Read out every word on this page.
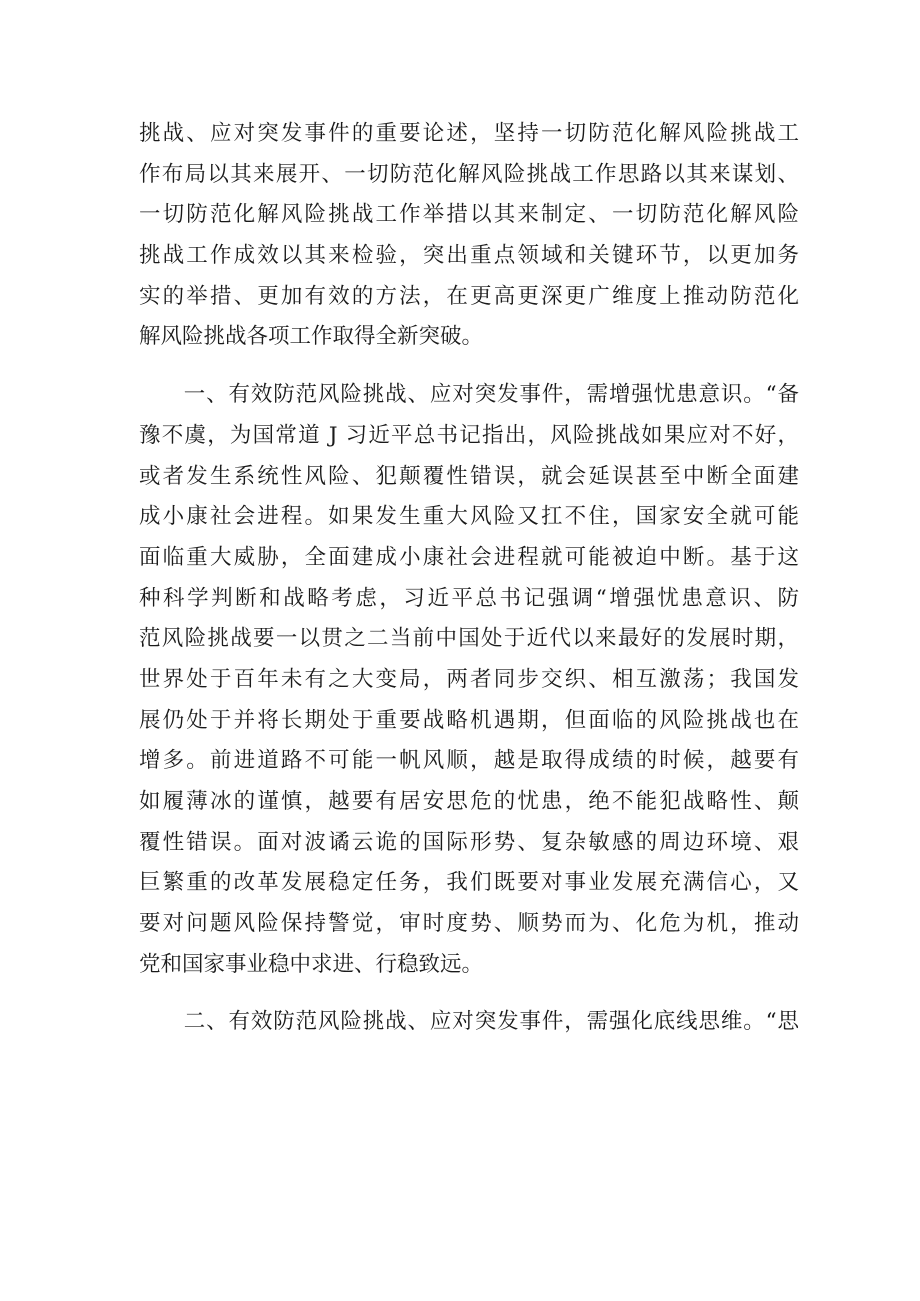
挑战、应对突发事件的重要论述，坚持一切防范化解风险挑战工
作布局以其来展开、一切防范化解风险挑战工作思路以其来谋划、
一切防范化解风险挑战工作举措以其来制定、一切防范化解风险
挑战工作成效以其来检验，突出重点领域和关键环节，以更加务
实的举措、更加有效的方法，在更高更深更广维度上推动防范化
解风险挑战各项工作取得全新突破。
　　一、有效防范风险挑战、应对突发事件，需增强忧患意识。“备
豫不虞，为国常道 J 习近平总书记指出，风险挑战如果应对不好，
或者发生系统性风险、犯颠覆性错误，就会延误甚至中断全面建
成小康社会进程。如果发生重大风险又扛不住，国家安全就可能
面临重大威胁，全面建成小康社会进程就可能被迫中断。基于这
种科学判断和战略考虑，习近平总书记强调“增强忧患意识、防
范风险挑战要一以贯之二当前中国处于近代以来最好的发展时期，
世界处于百年未有之大变局，两者同步交织、相互激荡；我国发
展仍处于并将长期处于重要战略机遇期，但面临的风险挑战也在
增多。前进道路不可能一帆风顺，越是取得成绩的时候，越要有
如履薄冰的谨慎，越要有居安思危的忧患，绝不能犯战略性、颠
覆性错误。面对波谲云诡的国际形势、复杂敏感的周边环境、艰
巨繁重的改革发展稳定任务，我们既要对事业发展充满信心，又
要对问题风险保持警觉，审时度势、顺势而为、化危为机，推动
党和国家事业稳中求进、行稳致远。
　　二、有效防范风险挑战、应对突发事件，需强化底线思维。“思
